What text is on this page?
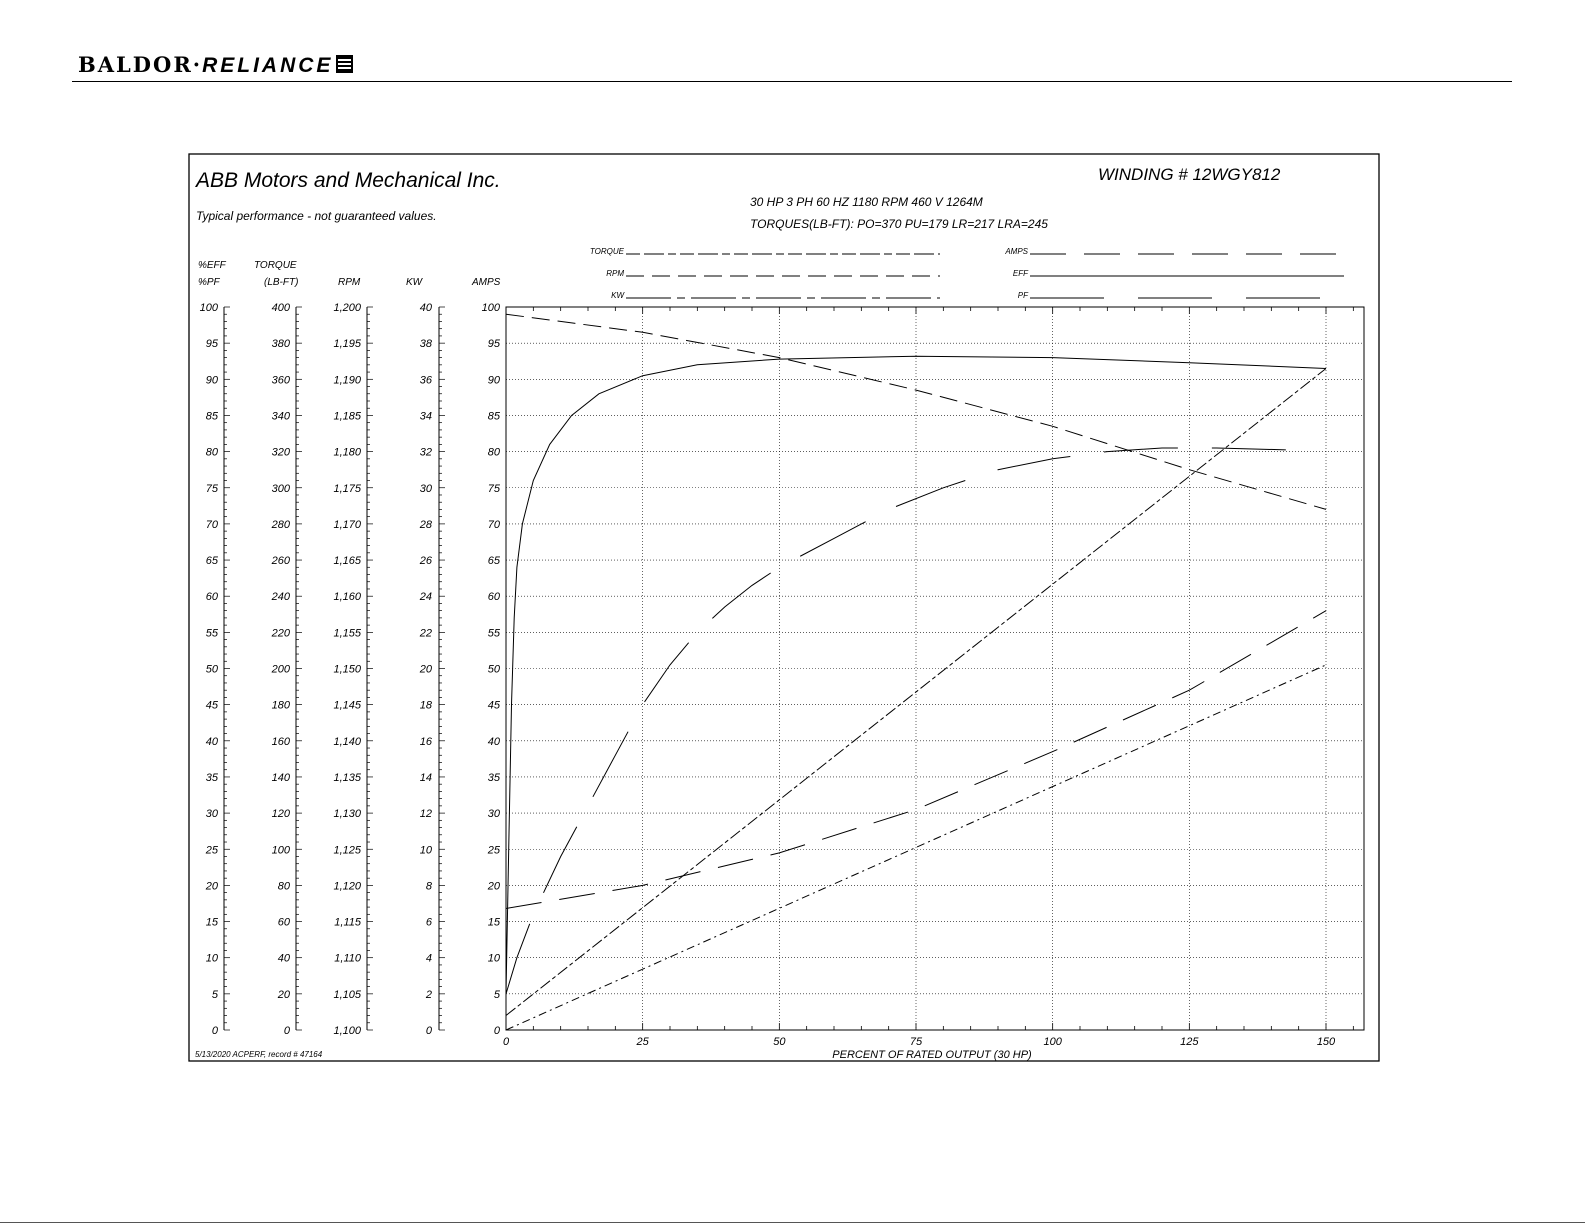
BALDOR·RELIANCE
ABB Motors and Mechanical Inc.
Typical performance - not guaranteed values.
WINDING # 12WGY812
30 HP 3 PH 60 HZ 1180 RPM 460 V 1264M
TORQUES(LB-FT): PO=370 PU=179 LR=217 LRA=245
5/13/2020 ACPERF, record # 47164	PERCENT OF RATED OUTPUT (30 HP)
100
95
90
85
80
75
70
65
60
55
50
45
40
35
30
25
20
15
10
5
0
%EFF
%PF
400
380
360
340
320
300
280
260
240
220
200
180
160
140
120
100
80
60
40
20
0
TORQUE
(LB-FT)
1,200
1,195
1,190
1,185
1,180
1,175
1,170
1,165
1,160
1,155
1,150
1,145
1,140
1,135
1,130
1,125
1,120
1,115
1,110
1,105
1,100
RPM
40
38
36
34
32
30
28
26
24
22
20
18
16
14
12
10
8
6
4
2
0
KW
100
95
90
85
80
75
70
65
60
55
50
45
40
35
30
25
20
15
10
5
0
AMPS
TORQUE
RPM
KW
AMPS
EFF
PF
0	25	50	75	100	125	150
